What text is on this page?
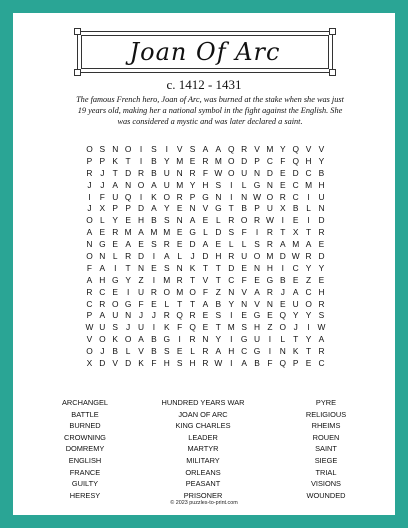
Joan Of Arc
c. 1412 - 1431
The famous French hero, Joan of Arc, was burned at the stake when she was just 19 years old, making her a national symbol in the fight against the English. She was considered a mystic and was later declared a saint.
O S N O	I	S	I	V S A A Q R V M Y Q V V
P P K T	I	B Y M E R M O D P C F Q H Y
R J T D R B U N R F W O U N D E D C B
J	J A N O A U M Y H S	I	L G N E C M H
I	F U Q	I	K O R P G N	I	N W O R C	I	U
J X P P D A Y E N V G T B P U X B L N
O L Y E H B S N A E L R O R W I	E	I	D
A E R M A M M E G L D S F	I	R T X T R
N G E A E S R E D A E L L S R A M A E
O N L R D	I	A L	J D H R U O M D W R D
F A	I	T N E S N K T T D E N H	I	C Y Y
A H G Y Z	I M R T V T C F E G B E Z E
R C E	I	U R O M O F Z N V A R J A C H
C R O G F E L T T A B Y N V N E U O R
P A U N J	J R Q R E S	I	E G E Q Y Y S
W U S J U	I	K F Q E T M S H Z O J	I W
V O K O A B G	I	R N Y	I	G U	I	L T Y A
O J B L V B S E L R A H C G	I	N K T R
X D V D K F H S H R W I	A B F Q P E C
ARCHANGEL
BATTLE
BURNED
CROWNING
DOMREMY
ENGLISH
FRANCE
GUILTY
HERESY
HUNDRED YEARS WAR
JOAN OF ARC
KING CHARLES
LEADER
MARTYR
MILITARY
ORLEANS
PEASANT
PRISONER
PYRE
RELIGIOUS
RHEIMS
ROUEN
SAINT
SIEGE
TRIAL
VISIONS
WOUNDED
© 2023 puzzles-to-print.com
